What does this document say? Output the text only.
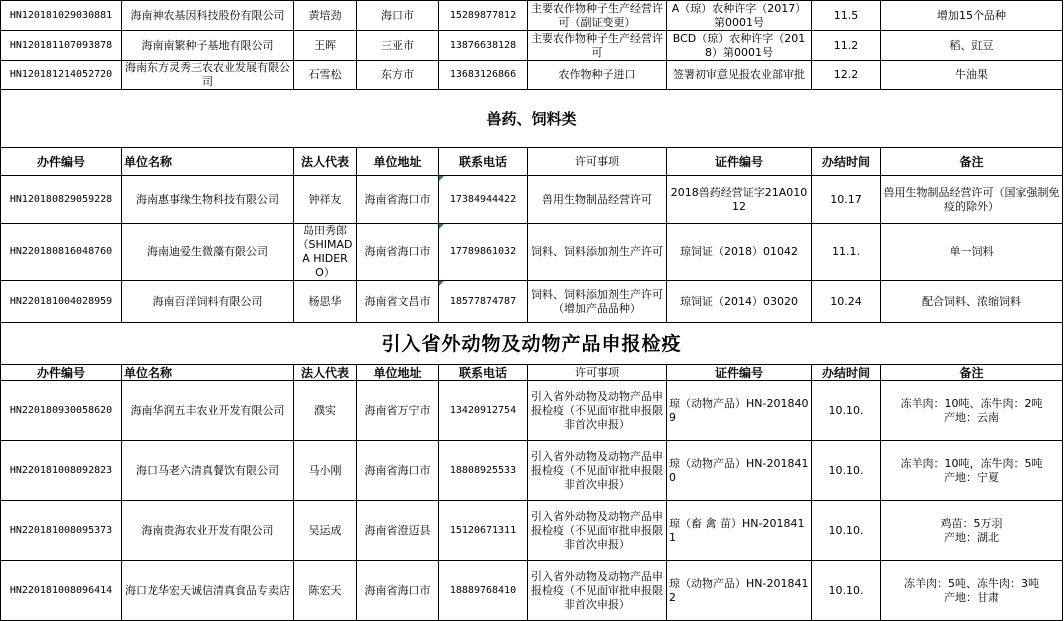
HN120181029030881	海南神农基因科技股份有限公司	黄培劲	海口市	15289877812	主要农作物种子生产经营许可（副证变更）	A（琼）农种许字（2017）第0001号	11.5	增加15个品种
HN120181107093878	海南南繁种子基地有限公司	王晖	三亚市	13876638128	主要农作物种子生产经营许可	BCD（琼）农种许字（2018）第0001号	11.2	稻、豇豆
HN120181214052720	海南东方灵秀三农农业发展有限公司	石雪松	东方市	13683126866	农作物种子进口	签署初审意见报农业部审批	12.2	牛油果
兽药、饲料类								
办件编号	单位名称	法人代表	单位地址	联系电话	许可事项	证件编号	办结时间	备注
HN120180829059228	海南惠事缘生物科技有限公司	钟祥友	海南省海口市	17384944422	兽用生物制品经营许可	2018兽药经营证字21A01012	10.17	兽用生物制品经营许可（国家强制免疫的除外）
HN220180816048760	海南迪爱生微藻有限公司	岛田秀郎（SHIMADA HIDERO）	海南省海口市	17789861032	饲料、饲料添加剂生产许可	琼饲证（2018）01042	11.1.	单一饲料
HN220181004028959	海南百洋饲料有限公司	杨思华	海南省文昌市	18577874787	饲料、饲料添加剂生产许可（增加产品品种）	琼饲证（2014）03020	10.24	配合饲料、浓缩饲料
引入省外动物及动物产品申报检疫								
办件编号	单位名称	法人代表	单位地址	联系电话	许可事项	证件编号	办结时间	备注
HN220180930058620	海南华润五丰农业开发有限公司	濮实	海南省万宁市	13420912754	引入省外动物及动物产品申报检疫（不见面审批申报限非首次申报）	琼（动物产品）HN-2018409	10.10.	冻羊肉：10吨、冻牛肉：2吨
产地：云南

HN220181008092823	海口马老六清真餐饮有限公司	马小刚	海南省海口市	18808925533	引入省外动物及动物产品申报检疫（不见面审批申报限非首次申报）	琼（动物产品）HN-2018410	10.10.	冻羊肉：10吨，冻牛肉：5吨
产地：宁夏

HN220181008095373	海南贵海农业开发有限公司	吴运成	海南省澄迈县	15120671311	引入省外动物及动物产品申报检疫（不见面审批申报限非首次申报）	琼（畜 禽 苗）HN-2018411	10.10.	鸡苗：5万羽
产地：湖北

HN220181008096414	海口龙华宏天诚信清真食品专卖店	陈宏天	海南省海口市	18889768410	引入省外动物及动物产品申报检疫（不见面审批申报限非首次申报）	琼（动物产品）HN-2018412	10.10.	冻羊肉：5吨、冻牛肉：3吨
产地：甘肃
